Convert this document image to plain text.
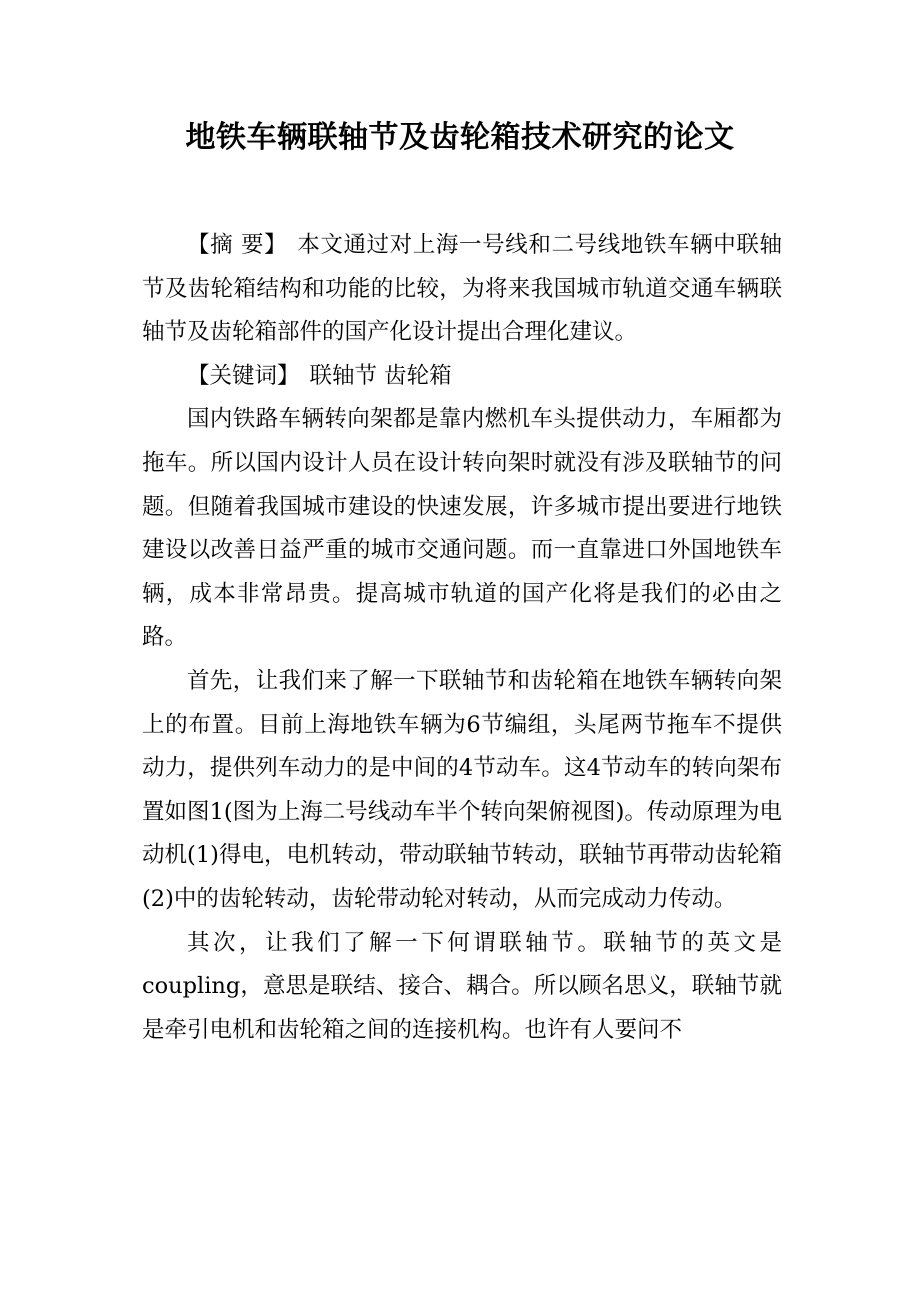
地铁车辆联轴节及齿轮箱技术研究的论文

【摘 要】 本文通过对上海一号线和二号线地铁车辆中联轴节及齿轮箱结构和功能的比较，为将来我国城市轨道交通车辆联轴节及齿轮箱部件的国产化设计提出合理化建议。

【关键词】 联轴节 齿轮箱

国内铁路车辆转向架都是靠内燃机车头提供动力，车厢都为拖车。所以国内设计人员在设计转向架时就没有涉及联轴节的问题。但随着我国城市建设的快速发展，许多城市提出要进行地铁建设以改善日益严重的城市交通问题。而一直靠进口外国地铁车辆，成本非常昂贵。提高城市轨道的国产化将是我们的必由之路。

首先，让我们来了解一下联轴节和齿轮箱在地铁车辆转向架上的布置。目前上海地铁车辆为6节编组，头尾两节拖车不提供动力，提供列车动力的是中间的4节动车。这4节动车的转向架布置如图1(图为上海二号线动车半个转向架俯视图)。传动原理为电动机(1)得电，电机转动，带动联轴节转动，联轴节再带动齿轮箱(2)中的齿轮转动，齿轮带动轮对转动，从而完成动力传动。

其次，让我们了解一下何谓联轴节。联轴节的英文是coupling，意思是联结、接合、耦合。所以顾名思义，联轴节就是牵引电机和齿轮箱之间的连接机构。也许有人要问不
